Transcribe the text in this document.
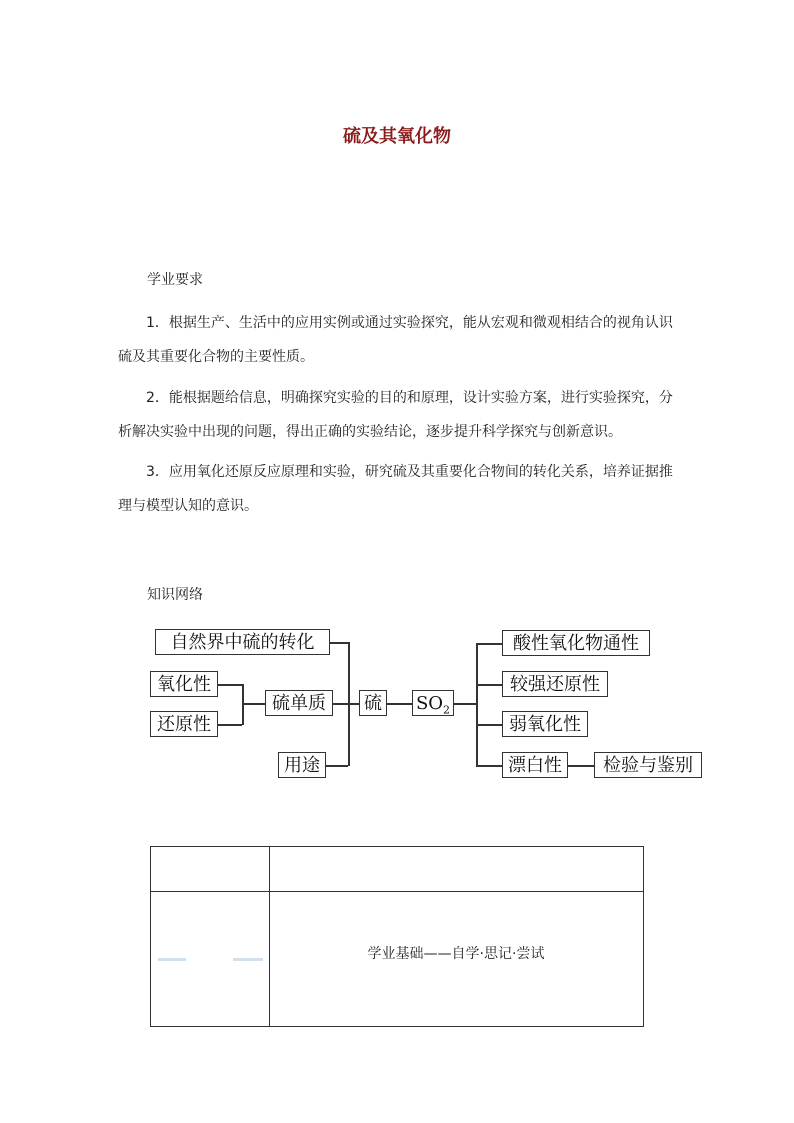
硫及其氧化物
学业要求
1．根据生产、生活中的应用实例或通过实验探究，能从宏观和微观相结合的视角认识
硫及其重要化合物的主要性质。
2．能根据题给信息，明确探究实验的目的和原理，设计实验方案，进行实验探究，分
析解决实验中出现的问题，得出正确的实验结论，逐步提升科学探究与创新意识。
3．应用氧化还原反应原理和实验，研究硫及其重要化合物间的转化关系，培养证据推
理与模型认知的意识。
知识网络
自然界中硫的转化
氧化性
还原性
硫单质
用途
硫 $SO_2$
酸性氧化物通性
较强还原性
弱氧化性
漂白性	检验与鉴别
学业基础——自学·思记·尝试
